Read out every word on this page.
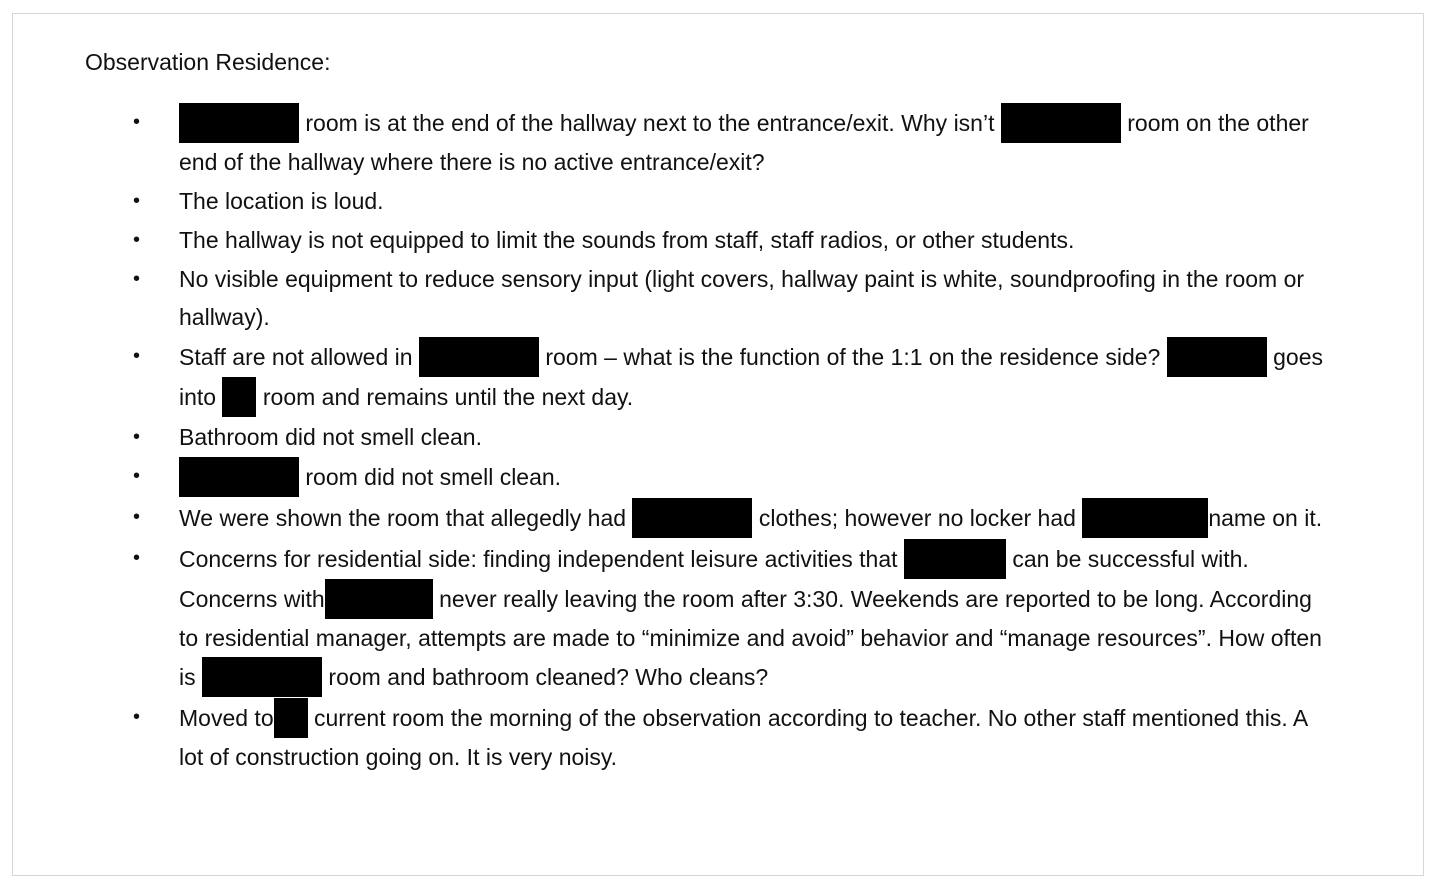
Observation Residence:

•	room is at the end of the hallway next to the entrance/exit. Why isn’t	room on the other end of the hallway where there is no active entrance/exit?
• The location is loud.
• The hallway is not equipped to limit the sounds from staff, staff radios, or other students.
• No visible equipment to reduce sensory input (light covers, hallway paint is white, soundproofing in the room or hallway).
• Staff are not allowed in	room – what is the function of the 1:1 on the residence side?	goes into room and remains until the next day.
• Bathroom did not smell clean.
•	room did not smell clean.
• We were shown the room that allegedly had	clothes; however no locker had	name on it.
• Concerns for residential side: finding independent leisure activities that	can be successful with. Concerns with	never really leaving the room after 3:30. Weekends are reported to be long. According to residential manager, attempts are made to “minimize and avoid” behavior and “manage resources”. How often is	room and bathroom cleaned? Who cleans?
• Moved to current room the morning of the observation according to teacher. No other staff mentioned this. A lot of construction going on. It is very noisy.
